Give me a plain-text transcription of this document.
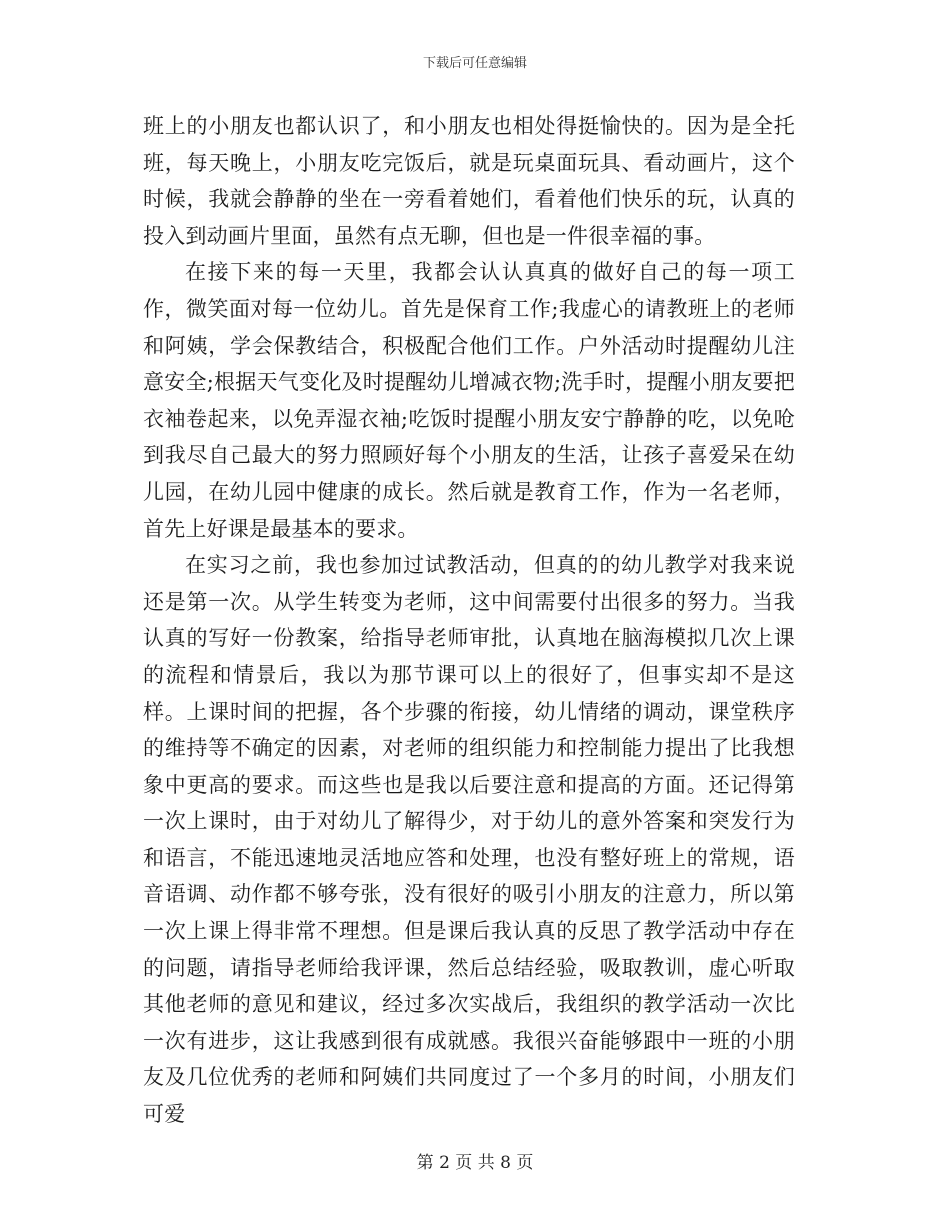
下载后可任意编辑

班上的小朋友也都认识了，和小朋友也相处得挺愉快的。因为是全托班，每天晚上，小朋友吃完饭后，就是玩桌面玩具、看动画片，这个时候，我就会静静的坐在一旁看着她们，看着他们快乐的玩，认真的投入到动画片里面，虽然有点无聊，但也是一件很幸福的事。

在接下来的每一天里，我都会认认真真的做好自己的每一项工作，微笑面对每一位幼儿。首先是保育工作;我虚心的请教班上的老师和阿姨，学会保教结合，积极配合他们工作。户外活动时提醒幼儿注意安全;根据天气变化及时提醒幼儿增减衣物;洗手时，提醒小朋友要把衣袖卷起来，以免弄湿衣袖;吃饭时提醒小朋友安宁静静的吃，以免呛到我尽自己最大的努力照顾好每个小朋友的生活，让孩子喜爱呆在幼儿园，在幼儿园中健康的成长。然后就是教育工作，作为一名老师，首先上好课是最基本的要求。

在实习之前，我也参加过试教活动，但真的的幼儿教学对我来说还是第一次。从学生转变为老师，这中间需要付出很多的努力。当我认真的写好一份教案，给指导老师审批，认真地在脑海模拟几次上课的流程和情景后，我以为那节课可以上的很好了，但事实却不是这样。上课时间的把握，各个步骤的衔接，幼儿情绪的调动，课堂秩序的维持等不确定的因素，对老师的组织能力和控制能力提出了比我想象中更高的要求。而这些也是我以后要注意和提高的方面。还记得第一次上课时，由于对幼儿了解得少，对于幼儿的意外答案和突发行为和语言，不能迅速地灵活地应答和处理，也没有整好班上的常规，语音语调、动作都不够夸张，没有很好的吸引小朋友的注意力，所以第一次上课上得非常不理想。但是课后我认真的反思了教学活动中存在的问题，请指导老师给我评课，然后总结经验，吸取教训，虚心听取其他老师的意见和建议，经过多次实战后，我组织的教学活动一次比一次有进步，这让我感到很有成就感。我很兴奋能够跟中一班的小朋友及几位优秀的老师和阿姨们共同度过了一个多月的时间，小朋友们可爱

第 2 页 共 8 页
